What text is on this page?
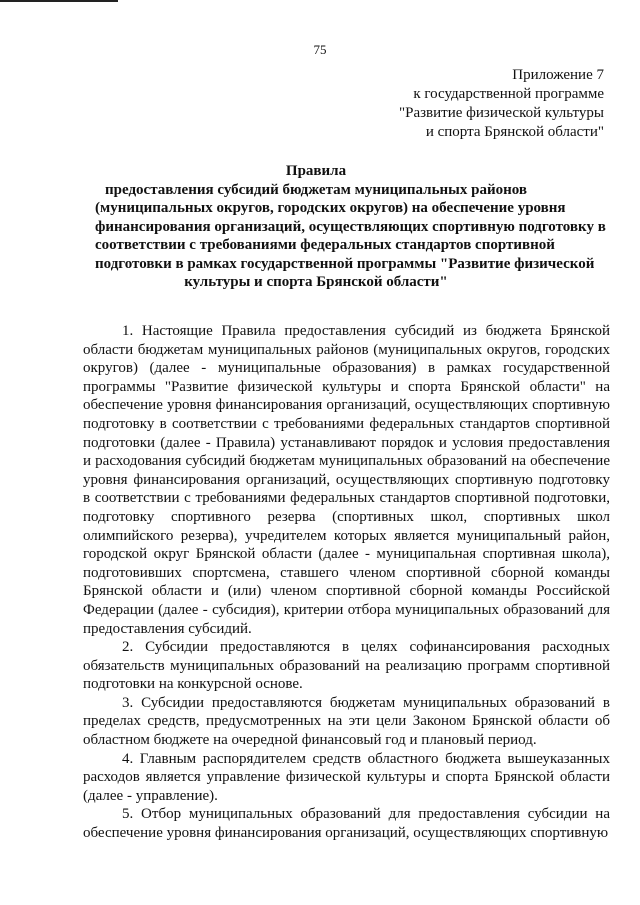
75
Приложение 7
к государственной программе
"Развитие физической культуры
и спорта Брянской области"
Правила
предоставления субсидий бюджетам муниципальных районов
(муниципальных округов, городских округов) на обеспечение уровня
финансирования организаций, осуществляющих спортивную подготовку в
соответствии с требованиями федеральных стандартов спортивной
подготовки в рамках государственной программы "Развитие физической
культуры и спорта Брянской области"

1. Настоящие Правила предоставления субсидий из бюджета Брянской области бюджетам муниципальных районов (муниципальных округов, городских округов) (далее - муниципальные образования) в рамках государственной программы "Развитие физической культуры и спорта Брянской области" на обеспечение уровня финансирования организаций, осуществляющих спортивную подготовку в соответствии с требованиями федеральных стандартов спортивной подготовки (далее - Правила) устанавливают порядок и условия предоставления и расходования субсидий бюджетам муниципальных образований на обеспечение уровня финансирования организаций, осуществляющих спортивную подготовку в соответствии с требованиями федеральных стандартов спортивной подготовки, подготовку спортивного резерва (спортивных школ, спортивных школ олимпийского резерва), учредителем которых является муниципальный район, городской округ Брянской области (далее - муниципальная спортивная школа), подготовивших спортсмена, ставшего членом спортивной сборной команды Брянской области и (или) членом спортивной сборной команды Российской Федерации (далее - субсидия), критерии отбора муниципальных образований для предоставления субсидий.

2. Субсидии предоставляются в целях софинансирования расходных обязательств муниципальных образований на реализацию программ спортивной подготовки на конкурсной основе.

3. Субсидии предоставляются бюджетам муниципальных образований в пределах средств, предусмотренных на эти цели Законом Брянской области об областном бюджете на очередной финансовый год и плановый период.

4. Главным распорядителем средств областного бюджета вышеуказанных расходов является управление физической культуры и спорта Брянской области (далее - управление).

5. Отбор муниципальных образований для предоставления субсидии на обеспечение уровня финансирования организаций, осуществляющих спортивную
